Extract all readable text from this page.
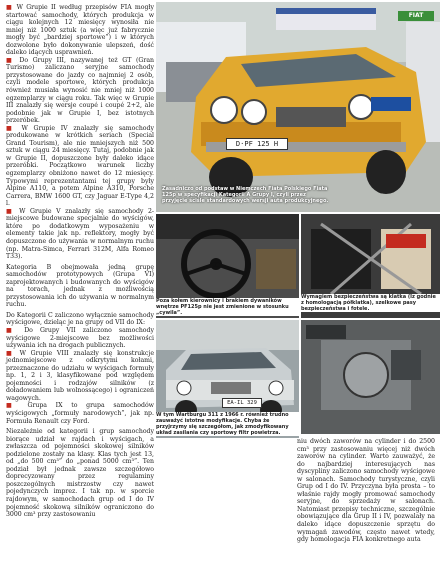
■ W Grupie II według przepisów FIA mogły startować samochody, których produkcja w ciągu kolejnych 12 miesięcy wynosiła nie mniej niż 1000 sztuk (a więc już fabrycznie mogły być „bardziej sportowe”) i w których dozwolone było dokonywanie ulepszeń, dość daleko idących usprawnień.

■ Do Grupy III, nazywanej też GT (Gran Turismo) zaliczano seryjne samochody przystosowane do jazdy co najmniej 2 osób, czyli modele sportowe, których produkcja również musiała wynosić nie mniej niż 1000 egzemplarzy w ciągu roku. Tak więc w Grupie III znalazły się wersje coupé i coupé 2+2, ale podobnie jak w Grupie I, bez istotnych przeróbek.

■ W Grupie IV znalazły się samochody produkowane w krótkich seriach (Special Grand Tourism), ale nie mniejszych niż 500 sztuk w ciągu 24 miesięcy. Tutaj, podobnie jak w Grupie II, dopuszczone były daleko idące przeróbki. Początkowo warunek liczby egzemplarzy obniżono nawet do 12 miesięcy. Typowymi reprezentantami tej grupy były Alpine A110, a potem Alpine A310, Porsche Carrera, BMW 1600 GT, czy Jaguar E-Type 4,2 l.

■ W Grupie V znalazły się samochody 2-miejscowe budowane specjalnie do wyścigów, które po dodatkowym wyposażeniu w elementy takie jak np. reflektory, mogły być dopuszczone do używania w normalnym ruchu (np. Matra-Simca, Ferrari 312M, Alfa Romeo T33).

Kategoria B obejmowała jedną grupę samochodów prototypowych (Grupa VI) zaprojektowanych i budowanych do wyścigów na torach, jednak z możliwością przystosowania ich do używania w normalnym ruchu.

Do Kategorii C zaliczono wyłącznie samochody wyścigowe, dzieląc je na grupy od VII do IX:

■ Do Grupy VII zaliczono samochody wyścigowe 2-miejscowe bez możliwości używania ich na drogach publicznych.

■ W Grupie VIII znalazły się konstrukcje jednomiejscowe z odkrytymi kołami, przeznaczone do udziału w wyścigach formuły np. 1, 2 i 3, klasyfikowane pod względem pojemności i rodzajów silników (z doładowaniem lub wolnossącego) i ograniczeń wagowych.

■ Grupa IX to grupa samochodów wyścigowych „formuły narodowych”, jak np. Formuła Renault czy Ford.

Niezależnie od kategorii i grup samochody biorące udział w rajdach i wyścigach, a zwłaszcza od pojemności skokowej silników podzielone zostały na klasy. Klas tych jest 13, od „do 500 cm³” do „ponad 5000 cm³”. Ten podział był jednak zawsze szczegółowo doprecyzowany przez regulaminy poszczególnych mistrzostw czy nawet pojedynczych imprez. I tak np. w sporcie rajdowym, w samochodach grup od I do IV pojemność skokową silników ograniczono do 3000 cm³ przy zastosowaniu

D·PF 125 H
FIAT
Zasadniczo od podstaw w Niemczech Fiata Polskiego Fiata 125p w specyfikacji Kategorii A Grupy I, czyli przez przyjęcie ściśle standardowych wersji auta produkcyjnego.
Poza kołem kierownicy i brakiem dywaników wnętrze PF125p nie jest zmienione w stosunku „cywila”.
Wymagiem bezpieczeństwa są klatka (Iz godnie z homologacją półklatka), szelkowe pasy bezpieczeństwa i fotele.
EA-IL 329
W tym Wartburgu 311 z 1966 r. również trudno zauważyć istotne modyfikacje. Chyba że przyjrzymy się szczegółom, jak zmodyfikowany układ zasilania czy sportowy filtr powietrza.

niu dwóch zaworów na cylinder i do 2500 cm³ przy zastosowaniu więcej niż dwóch zaworów na cylinder. Warto zauważyć, że do najbardziej interesujących nas dyscypliny zaliczono samochody wyścigowe w salonach. Samochody turystyczne, czyli Grup od I do IV. Przyczyna była prosta – to właśnie rajdy mogły promować samochody seryjne, do sprzedaży w salonach. Natomiast przepisy techniczne, szczególnie obowiązujące dla Grup II i IV, pozwalały na daleko idące dopuszczenie sprzętu do wymagań zawodów, często nawet wtedy, gdy homologacja FIA konkretnego auta
